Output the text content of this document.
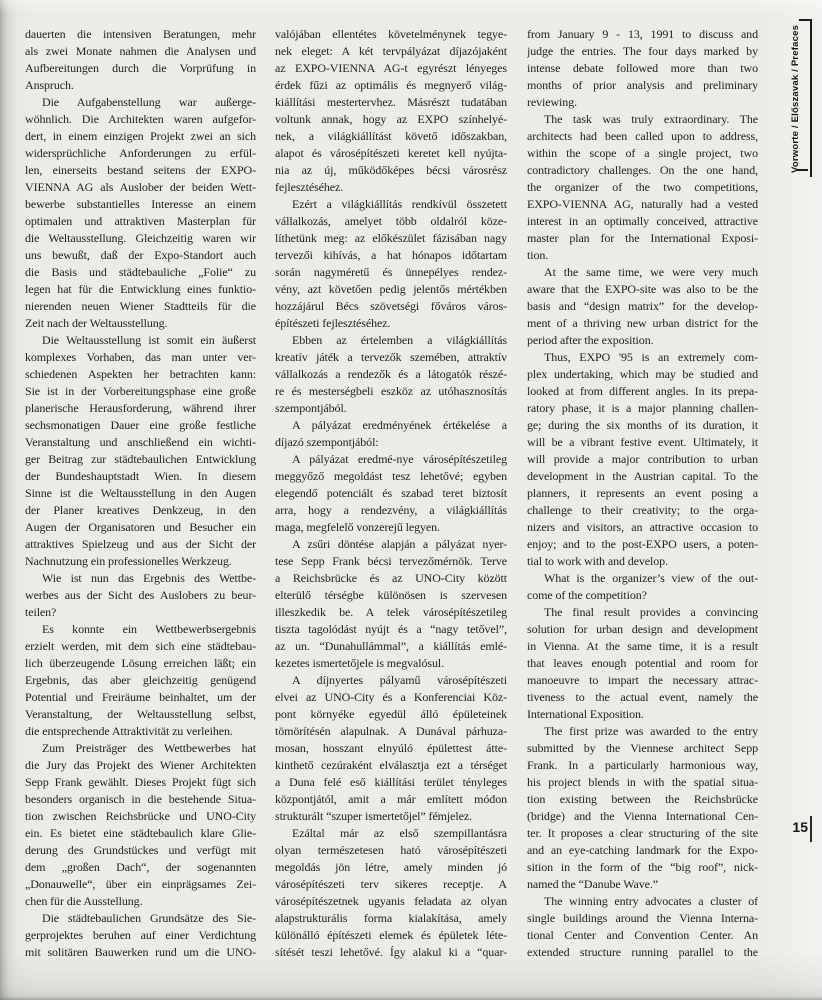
dauerten die intensiven Beratungen, mehr
als zwei Monate nahmen die Analysen und
Aufbereitungen durch die Vorprüfung in
Anspruch.
Die Aufgabenstellung war außerge-
wöhnlich. Die Architekten waren aufgefor-
dert, in einem einzigen Projekt zwei an sich
widersprüchliche Anforderungen zu erfül-
len, einerseits bestand seitens der EXPO-
VIENNA AG als Auslober der beiden Wett-
bewerbe substantielles Interesse an einem
optimalen und attraktiven Masterplan für
die Weltausstellung. Gleichzeitig waren wir
uns bewußt, daß der Expo-Standort auch
die Basis und städtebauliche „Folie“ zu
legen hat für die Entwicklung eines funktio-
nierenden neuen Wiener Stadtteils für die
Zeit nach der Weltausstellung.
Die Weltausstellung ist somit ein äußerst
komplexes Vorhaben, das man unter ver-
schiedenen Aspekten her betrachten kann:
Sie ist in der Vorbereitungsphase eine große
planerische Herausforderung, während ihrer
sechsmonatigen Dauer eine große festliche
Veranstaltung und anschließend ein wichti-
ger Beitrag zur städtebaulichen Entwicklung
der Bundeshauptstadt Wien. In diesem
Sinne ist die Weltausstellung in den Augen
der Planer kreatives Denkzeug, in den
Augen der Organisatoren und Besucher ein
attraktives Spielzeug und aus der Sicht der
Nachnutzung ein professionelles Werkzeug.
Wie ist nun das Ergebnis des Wettbe-
werbes aus der Sicht des Auslobers zu beur-
teilen?
Es konnte ein Wettbewerbsergebnis
erzielt werden, mit dem sich eine städtebau-
lich überzeugende Lösung erreichen läßt; ein
Ergebnis, das aber gleichzeitig genügend
Potential und Freiräume beinhaltet, um der
Veranstaltung, der Weltausstellung selbst,
die entsprechende Attraktivität zu verleihen.
Zum Preisträger des Wettbewerbes hat
die Jury das Projekt des Wiener Architekten
Sepp Frank gewählt. Dieses Projekt fügt sich
besonders organisch in die bestehende Situa-
tion zwischen Reichsbrücke und UNO-City
ein. Es bietet eine städtebaulich klare Glie-
derung des Grundstückes und verfügt mit
dem „großen Dach“, der sogenannten
„Donauwelle“, über ein einprägsames Zei-
chen für die Ausstellung.
Die städtebaulichen Grundsätze des Sie-
gerprojektes beruhen auf einer Verdichtung
mit solitären Bauwerken rund um die UNO-
valójában ellentétes követelménynek tegye-
nek eleget: A két tervpályázat díjazójaként
az EXPO-VIENNA AG-t egyrészt lényeges
érdek fűzi az optimális és megnyerő világ-
kiállítási mestertervhez. Másrészt tudatában
voltunk annak, hogy az EXPO színhelyé-
nek, a világkiállítást követő időszakban,
alapot és városépítészeti keretet kell nyújta-
nia az új, működőképes bécsi városrész
fejlesztéséhez.
Ezért a világkiállítás rendkívül összetett
vállalkozás, amelyet több oldalról köze-
líthetünk meg: az előkészület fázisában nagy
tervezői kihívás, a hat hónapos időtartam
során nagyméretű és ünnepélyes rendez-
vény, azt követően pedig jelentős mértékben
hozzájárul Bécs szövetségi főváros város-
építészeti fejlesztéséhez.
Ebben az értelemben a világkiállítás
kreatív játék a tervezők szemében, attraktív
vállalkozás a rendezők és a látogatók részé-
re és mesterségbeli eszköz az utóhasznosítás
szempontjából.
A pályázat eredményének értékelése a
díjazó szempontjából:
A pályázat eredmé-nye városépítészetileg
meggyőző megoldást tesz lehetővé; egyben
elegendő potenciált és szabad teret biztosít
arra, hogy a rendezvény, a világkiállítás
maga, megfelelő vonzerejű legyen.
A zsűri döntése alapján a pályázat nyer-
tese Sepp Frank bécsi tervezőmérnök. Terve
a Reichsbrücke és az UNO-City között
elterülő térségbe különösen is szervesen
illeszkedik be. A telek városépítészetileg
tiszta tagolódást nyújt és a “nagy tetővel”,
az un. “Dunahullámmal”, a kiállítás emlé-
kezetes ismertetőjele is megvalósul.
A díjnyertes pályamű városépítészeti
elvei az UNO-City és a Konferenciai Köz-
pont környéke egyedül álló épületeinek
tömörítésén alapulnak. A Dunával párhuza-
mosan, hosszant elnyúló épülettest átte-
kinthető cezúraként elválasztja ezt a térséget
a Duna felé eső kiállítási terület tényleges
központjától, amit a már említett módon
strukturált “szuper ismertetőjel” fémjelez.
Ezáltal már az első szempillantásra
olyan természetesen ható városépítészeti
megoldás jön létre, amely minden jó
városépítészeti terv sikeres receptje. A
városépítészetnek ugyanis feladata az olyan
alapstrukturális forma kialakítása, amely
különálló építészeti elemek és épületek léte-
sítését teszi lehetővé. Így alakul ki a “quar-
from January 9 - 13, 1991 to discuss and
judge the entries. The four days marked by
intense debate followed more than two
months of prior analysis and preliminary
reviewing.
The task was truly extraordinary. The
architects had been called upon to address,
within the scope of a single project, two
contradictory challenges. On the one hand,
the organizer of the two competitions,
EXPO-VIENNA AG, naturally had a vested
interest in an optimally conceived, attractive
master plan for the International Exposi-
tion.
At the same time, we were very much
aware that the EXPO-site was also to be the
basis and “design matrix” for the develop-
ment of a thriving new urban district for the
period after the exposition.
Thus, EXPO '95 is an extremely com-
plex undertaking, which may be studied and
looked at from different angles. In its prepa-
ratory phase, it is a major planning challen-
ge; during the six months of its duration, it
will be a vibrant festive event. Ultimately, it
will provide a major contribution to urban
development in the Austrian capital. To the
planners, it represents an event posing a
challenge to their creativity; to the orga-
nizers and visitors, an attractive occasion to
enjoy; and to the post-EXPO users, a poten-
tial to work with and develop.
What is the organizer’s view of the out-
come of the competition?
The final result provides a convincing
solution for urban design and development
in Vienna. At the same time, it is a result
that leaves enough potential and room for
manoeuvre to impart the necessary attrac-
tiveness to the actual event, namely the
International Exposition.
The first prize was awarded to the entry
submitted by the Viennese architect Sepp
Frank. In a particularly harmonious way,
his project blends in with the spatial situa-
tion existing between the Reichsbrücke
(bridge) and the Vienna International Cen-
ter. It proposes a clear structuring of the site
and an eye-catching landmark for the Expo-
sition in the form of the “big roof”, nick-
named the “Danube Wave.”
The winning entry advocates a cluster of
single buildings around the Vienna Interna-
tional Center and Convention Center. An
extended structure running parallel to the
Vorworte / Előszavak / Prefaces
15
